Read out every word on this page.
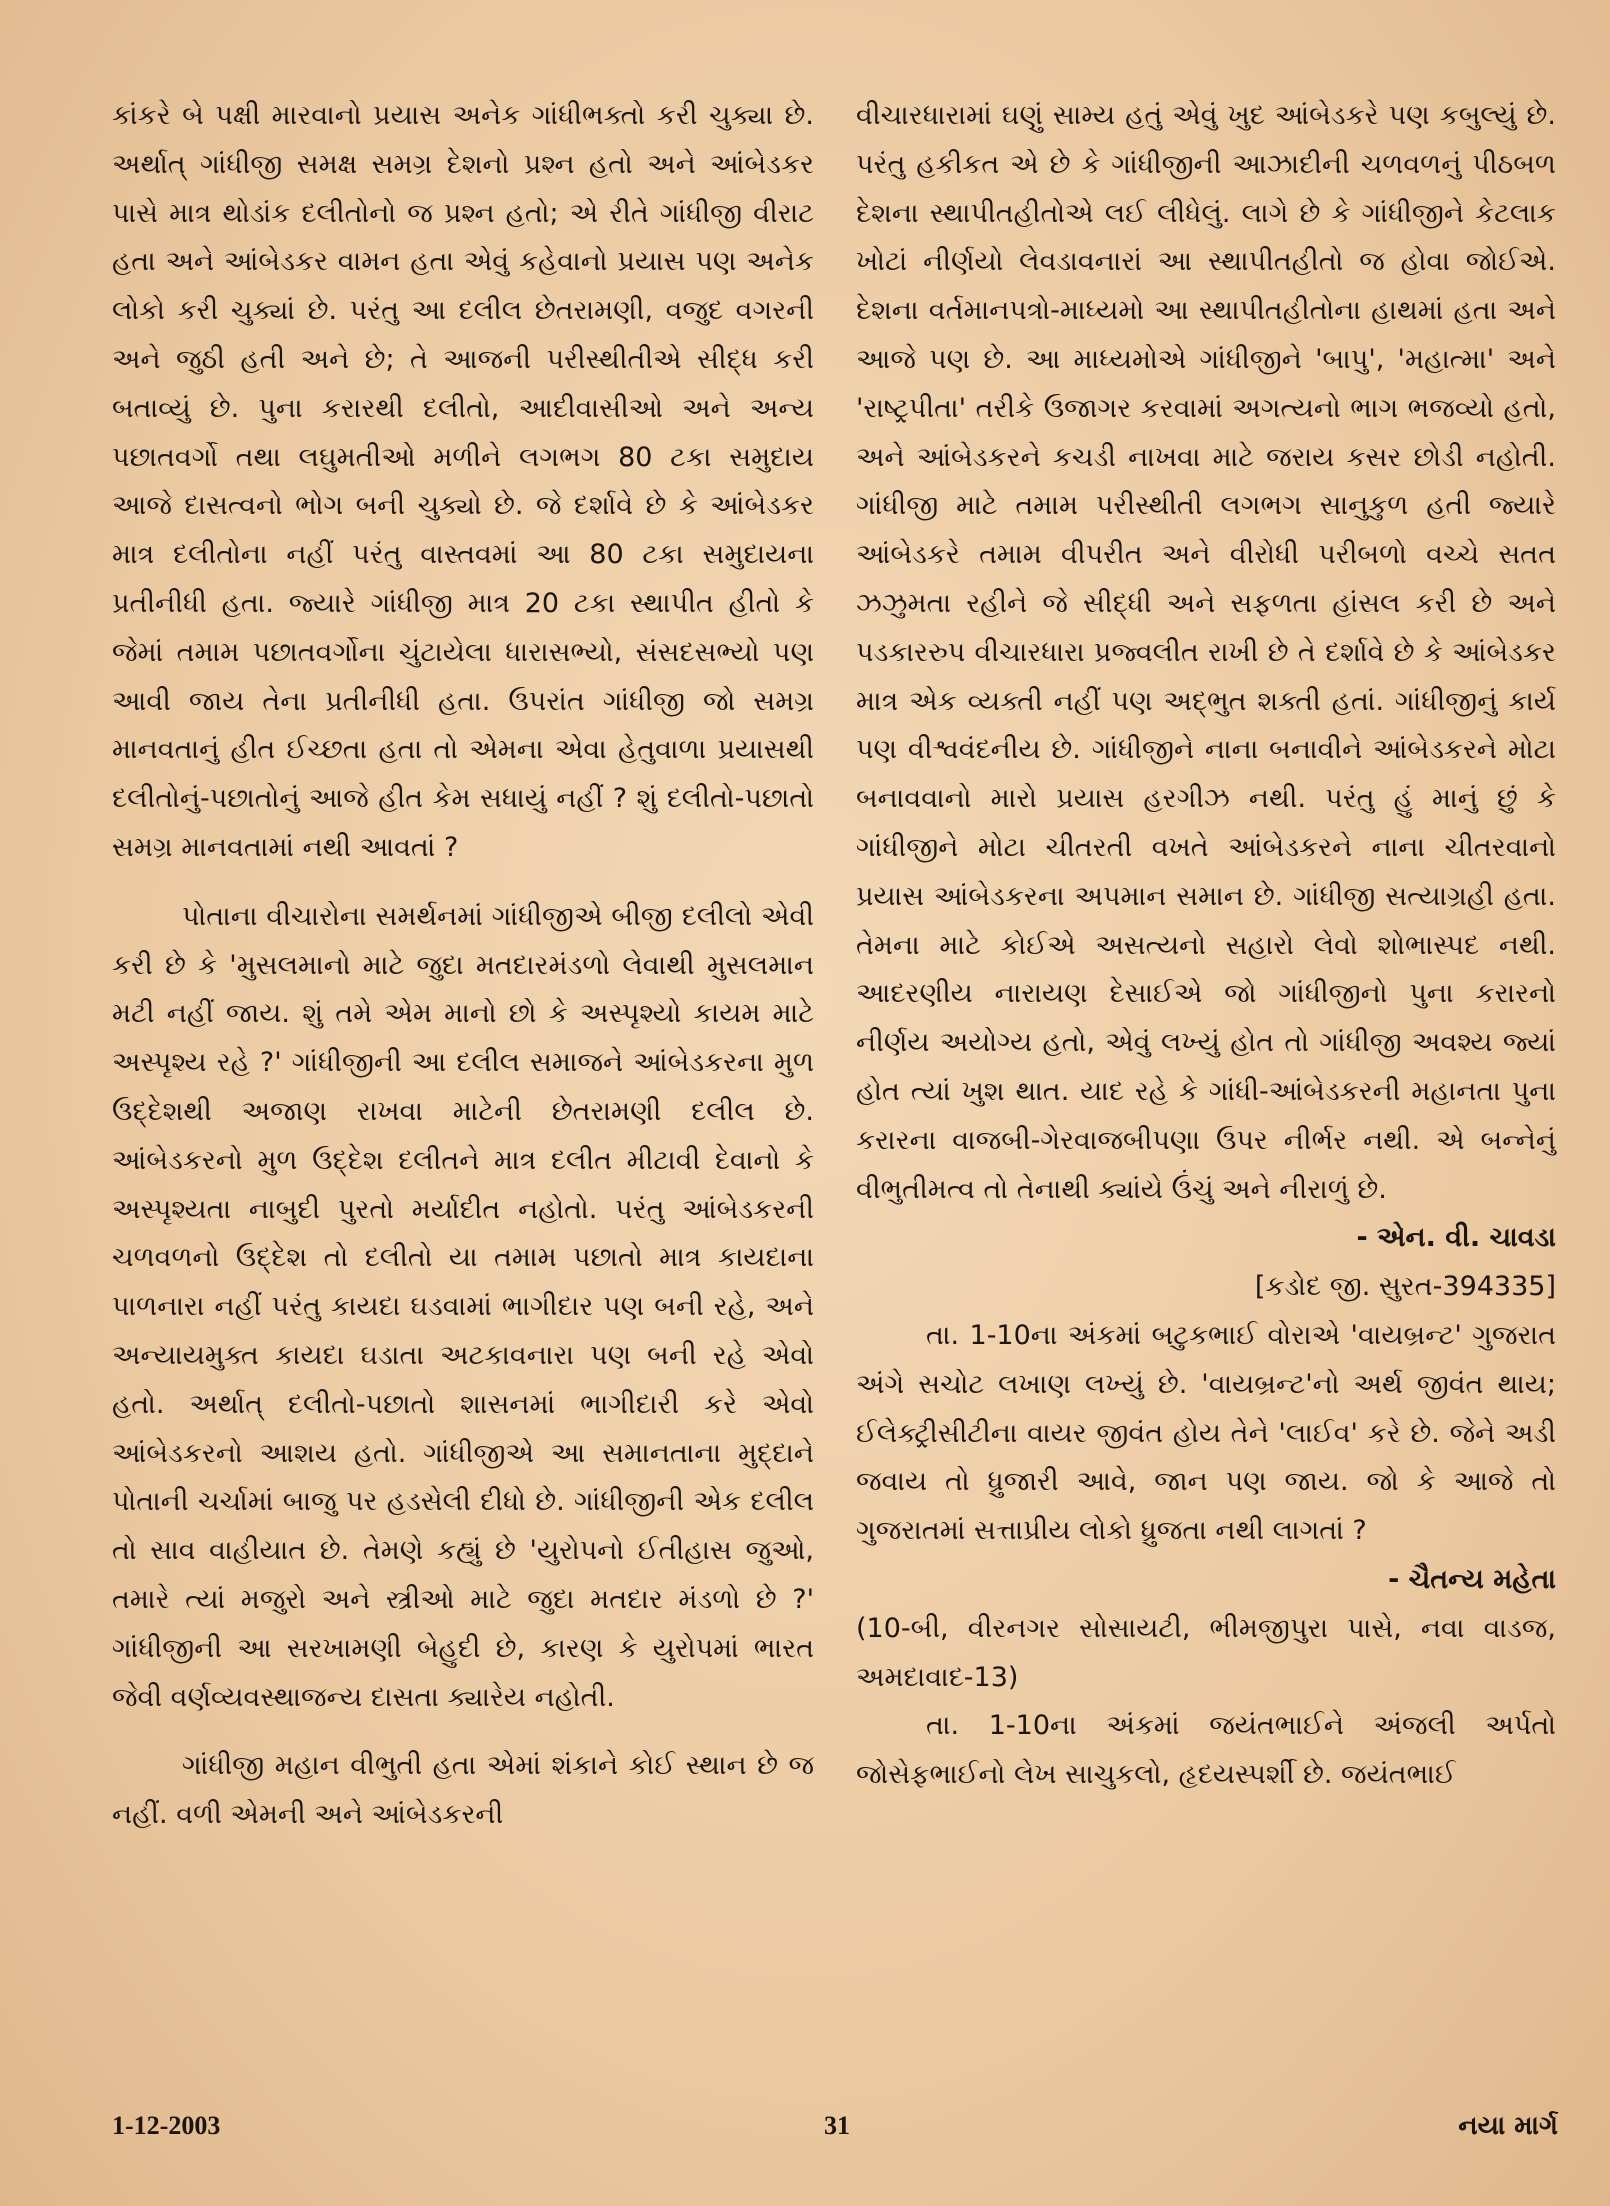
કાંકરે બે પક્ષી મારવાનો પ્રયાસ અનેક ગાંધીભક્તો કરી ચુક્યા છે. અર્થાત્ ગાંધીજી સમક્ષ સમગ્ર દેશનો પ્રશ્ન હતો અને આંબેડકર પાસે માત્ર થોડાંક દલીતોનો જ પ્રશ્ન હતો; એ રીતે ગાંધીજી વીરાટ હતા અને આંબેડકર વામન હતા એવું કહેવાનો પ્રયાસ પણ અનેક લોકો કરી ચુક્યાં છે. પરંતુ આ દલીલ છેતરામણી, વજુદ વગરની અને જુઠી હતી અને છે; તે આજની પરીસ્થીતીએ સીદ્ધ કરી બતાવ્યું છે. પુના કરારથી દલીતો, આદીવાસીઓ અને અન્ય પછાતવર્ગો તથા લઘુમતીઓ મળીને લગભગ 80 ટકા સમુદાય આજે દાસત્વનો ભોગ બની ચુક્યો છે. જે દર્શાવે છે કે આંબેડકર માત્ર દલીતોના નહીં પરંતુ વાસ્તવમાં આ 80 ટકા સમુદાયના પ્રતીનીધી હતા. જ્યારે ગાંધીજી માત્ર 20 ટકા સ્થાપીત હીતો કે જેમાં તમામ પછાતવર્ગોના ચુંટાયેલા ધારાસભ્યો, સંસદસભ્યો પણ આવી જાય તેના પ્રતીનીધી હતા. ઉપરાંત ગાંધીજી જો સમગ્ર માનવતાનું હીત ઈચ્છતા હતા તો એમના એવા હેતુવાળા પ્રયાસથી દલીતોનું-પછાતોનું આજે હીત કેમ સધાયું નહીં ? શું દલીતો-પછાતો સમગ્ર માનવતામાં નથી આવતાં ?

પોતાના વીચારોના સમર્થનમાં ગાંધીજીએ બીજી દલીલો એવી કરી છે કે 'મુસલમાનો માટે જુદા મતદારમંડળો લેવાથી મુસલમાન મટી નહીં જાય. શું તમે એમ માનો છો કે અસ્પૃશ્યો કાયમ માટે અસ્પૃશ્ય રહે ?' ગાંધીજીની આ દલીલ સમાજને આંબેડકરના મુળ ઉદ્દેશથી અજાણ રાખવા માટેની છેતરામણી દલીલ છે. આંબેડકરનો મુળ ઉદ્દેશ દલીતને માત્ર દલીત મીટાવી દેવાનો કે અસ્પૃશ્યતા નાબુદી પુરતો મર્યાદીત નહોતો. પરંતુ આંબેડકરની ચળવળનો ઉદ્દેશ તો દલીતો યા તમામ પછાતો માત્ર કાયદાના પાળનારા નહીં પરંતુ કાયદા ઘડવામાં ભાગીદાર પણ બની રહે, અને અન્યાયમુક્ત કાયદા ઘડાતા અટકાવનારા પણ બની રહે એવો હતો. અર્થાત્ દલીતો-પછાતો શાસનમાં ભાગીદારી કરે એવો આંબેડકરનો આશય હતો. ગાંધીજીએ આ સમાનતાના મુદ્દાને પોતાની ચર્ચામાં બાજુ પર હડસેલી દીધો છે. ગાંધીજીની એક દલીલ તો સાવ વાહીયાત છે. તેમણે કહ્યું છે 'યુરોપનો ઈતીહાસ જુઓ, તમારે ત્યાં મજુરો અને સ્ત્રીઓ માટે જુદા મતદાર મંડળો છે ?' ગાંધીજીની આ સરખામણી બેહુદી છે, કારણ કે યુરોપમાં ભારત જેવી વર્ણવ્યવસ્થાજન્ય દાસતા ક્યારેય નહોતી.

ગાંધીજી મહાન વીભુતી હતા એમાં શંકાને કોઈ સ્થાન છે જ નહીં. વળી એમની અને આંબેડકરની

વીચારધારામાં ઘણું સામ્ય હતું એવું ખુદ આંબેડકરે પણ કબુલ્યું છે. પરંતુ હકીકત એ છે કે ગાંધીજીની આઝાદીની ચળવળનું પીઠબળ દેશના સ્થાપીતહીતોએ લઈ લીધેલું. લાગે છે કે ગાંધીજીને કેટલાક ખોટાં નીર્ણયો લેવડાવનારાં આ સ્થાપીતહીતો જ હોવા જોઈએ. દેશના વર્તમાનપત્રો-માધ્યમો આ સ્થાપીતહીતોના હાથમાં હતા અને આજે પણ છે. આ માધ્યમોએ ગાંધીજીને 'બાપુ', 'મહાત્મા' અને 'રાષ્ટ્રપીતા' તરીકે ઉજાગર કરવામાં અગત્યનો ભાગ ભજવ્યો હતો, અને આંબેડકરને કચડી નાખવા માટે જરાય કસર છોડી નહોતી. ગાંધીજી માટે તમામ પરીસ્થીતી લગભગ સાનુકુળ હતી જ્યારે આંબેડકરે તમામ વીપરીત અને વીરોધી પરીબળો વચ્ચે સતત ઝઝુમતા રહીને જે સીદ્ધી અને સફળતા હાંસલ કરી છે અને પડકારરુપ વીચારધારા પ્રજ્વલીત રાખી છે તે દર્શાવે છે કે આંબેડકર માત્ર એક વ્યક્તી નહીં પણ અદ્ભુત શક્તી હતાં. ગાંધીજીનું કાર્ય પણ વીશ્વવંદનીય છે. ગાંધીજીને નાના બનાવીને આંબેડકરને મોટા બનાવવાનો મારો પ્રયાસ હરગીઝ નથી. પરંતુ હું માનું છું કે ગાંધીજીને મોટા ચીતરતી વખતે આંબેડકરને નાના ચીતરવાનો પ્રયાસ આંબેડકરના અપમાન સમાન છે. ગાંધીજી સત્યાગ્રહી હતા. તેમના માટે કોઈએ અસત્યનો સહારો લેવો શોભાસ્પદ નથી. આદરણીય નારાયણ દેસાઈએ જો ગાંધીજીનો પુના કરારનો નીર્ણય અયોગ્ય હતો, એવું લખ્યું હોત તો ગાંધીજી અવશ્ય જ્યાં હોત ત્યાં ખુશ થાત. યાદ રહે કે ગાંધી-આંબેડકરની મહાનતા પુના કરારના વાજબી-ગેરવાજબીપણા ઉપર નીર્ભર નથી. એ બન્નેનું વીભુતીમત્વ તો તેનાથી ક્યાંયે ઉંચું અને નીરાળું છે.

- એન. વી. ચાવડા

[કડોદ જી. સુરત-394335]

તા. 1-10ના અંકમાં બટુકભાઈ વોરાએ 'વાયબ્રન્ટ' ગુજરાત અંગે સચોટ લખાણ લખ્યું છે. 'વાયબ્રન્ટ'નો અર્થ જીવંત થાય; ઈલેક્ટ્રીસીટીના વાયર જીવંત હોય તેને 'લાઈવ' કરે છે. જેને અડી જવાય તો ધ્રુજારી આવે, જાન પણ જાય. જો કે આજે તો ગુજરાતમાં સત્તાપ્રીય લોકો ધ્રુજતા નથી લાગતાં ?

- ચૈતન્ય મહેતા

(10-બી, વીરનગર સોસાયટી, ભીમજીપુરા પાસે, નવા વાડજ, અમદાવાદ-13)

તા. 1-10ના અંકમાં જયંતભાઈને અંજલી અર્પતો જોસેફભાઈનો લેખ સાચુકલો, હૃદયસ્પર્શી છે. જયંતભાઈ

1-12-2003	31	નયા માર્ગ
